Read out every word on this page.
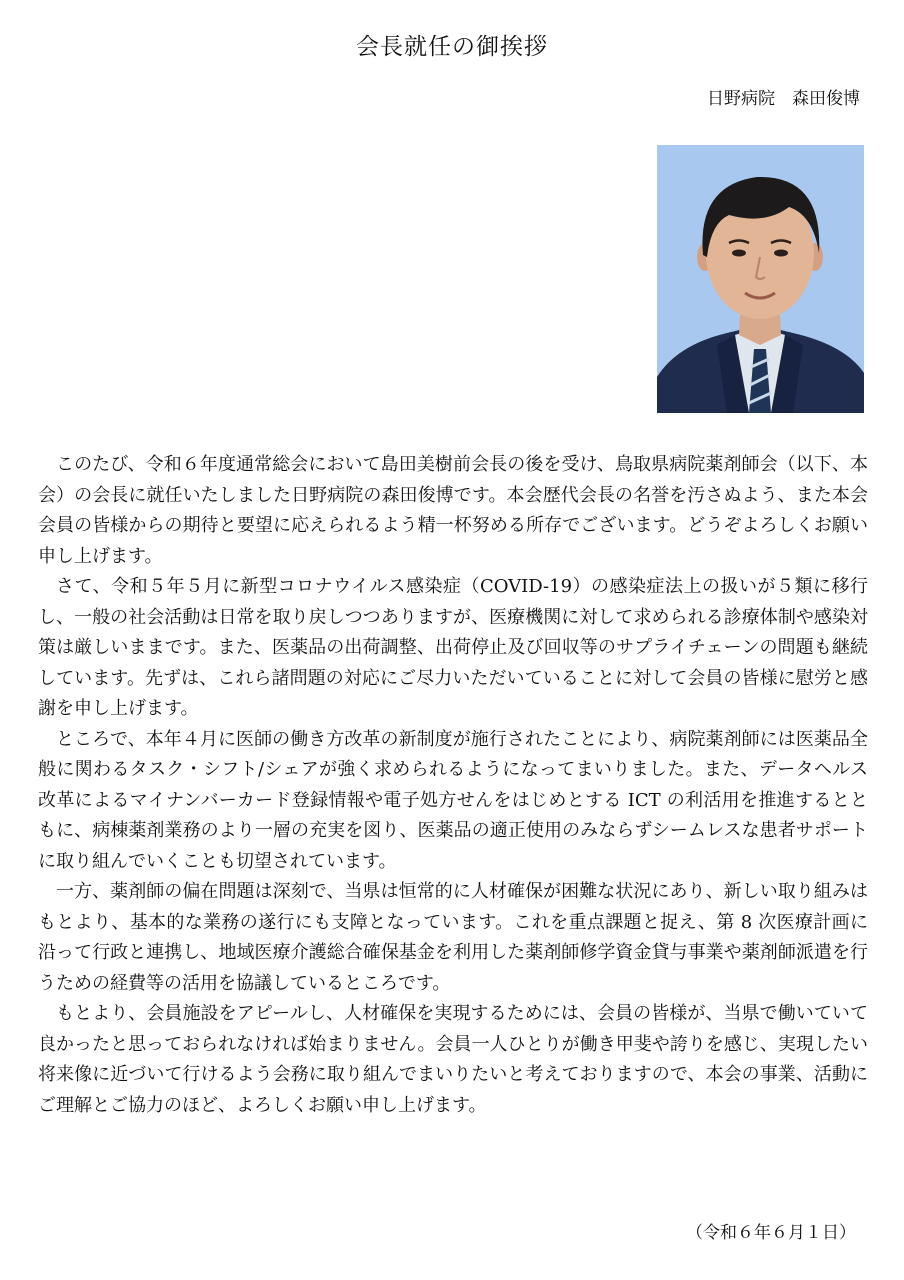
会長就任の御挨拶
日野病院　森田俊博

このたび、令和６年度通常総会において島田美樹前会長の後を受け、鳥取県病院薬剤師会（以下、本会）の会長に就任いたしました日野病院の森田俊博です。本会歴代会長の名誉を汚さぬよう、また本会会員の皆様からの期待と要望に応えられるよう精一杯努める所存でございます。どうぞよろしくお願い申し上げます。

さて、令和５年５月に新型コロナウイルス感染症（COVID-19）の感染症法上の扱いが５類に移行し、一般の社会活動は日常を取り戻しつつありますが、医療機関に対して求められる診療体制や感染対策は厳しいままです。また、医薬品の出荷調整、出荷停止及び回収等のサプライチェーンの問題も継続しています。先ずは、これら諸問題の対応にご尽力いただいていることに対して会員の皆様に慰労と感謝を申し上げます。

ところで、本年４月に医師の働き方改革の新制度が施行されたことにより、病院薬剤師には医薬品全般に関わるタスク・シフト/シェアが強く求められるようになってまいりました。また、データヘルス改革によるマイナンバーカード登録情報や電子処方せんをはじめとする ICT の利活用を推進するとともに、病棟薬剤業務のより一層の充実を図り、医薬品の適正使用のみならずシームレスな患者サポートに取り組んでいくことも切望されています。

一方、薬剤師の偏在問題は深刻で、当県は恒常的に人材確保が困難な状況にあり、新しい取り組みはもとより、基本的な業務の遂行にも支障となっています。これを重点課題と捉え、第 8 次医療計画に沿って行政と連携し、地域医療介護総合確保基金を利用した薬剤師修学資金貸与事業や薬剤師派遣を行うための経費等の活用を協議しているところです。

もとより、会員施設をアピールし、人材確保を実現するためには、会員の皆様が、当県で働いていて良かったと思っておられなければ始まりません。会員一人ひとりが働き甲斐や誇りを感じ、実現したい将来像に近づいて行けるよう会務に取り組んでまいりたいと考えておりますので、本会の事業、活動にご理解とご協力のほど、よろしくお願い申し上げます。

（令和６年６月１日）
